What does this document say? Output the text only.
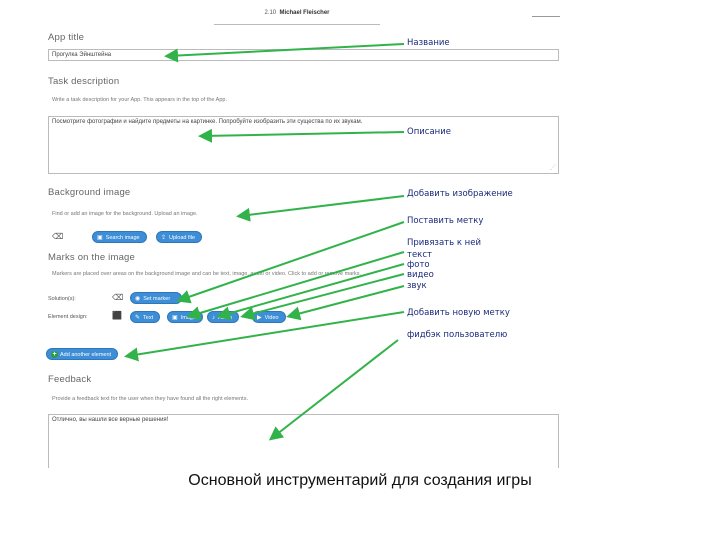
2.10 Michael Fleischer
App title
Прогулка Эйнштейна
Task description
Write a task description for your App. This appears in the top of the App.
Посмотрите фотографии и найдите предметы на картинке. Попробуйте изобразить эти существа по их звукам.
⋰
Background image
Find or add an image for the background. Upload an image.
⌫	▣ Search image	⇪ Upload file
Marks on the image
Markers are placed over areas on the background image and can be text, image, audio or video. Click to add or remove marks.
Solution(s):	⌫	◉ Set marker
Element design:	⬛	✎ Text	▣ Image	♪ Audio	▶ Video
+ Add another element
Feedback
Provide a feedback text for the user when they have found all the right elements.
Отлично, вы нашли все верные решения!
Название
Описание
Добавить изображение
Поставить метку
Привязать к ней
текст
фото
видео
звук
Добавить новую метку
фидбэк пользователю
Основной инструментарий для создания игры
